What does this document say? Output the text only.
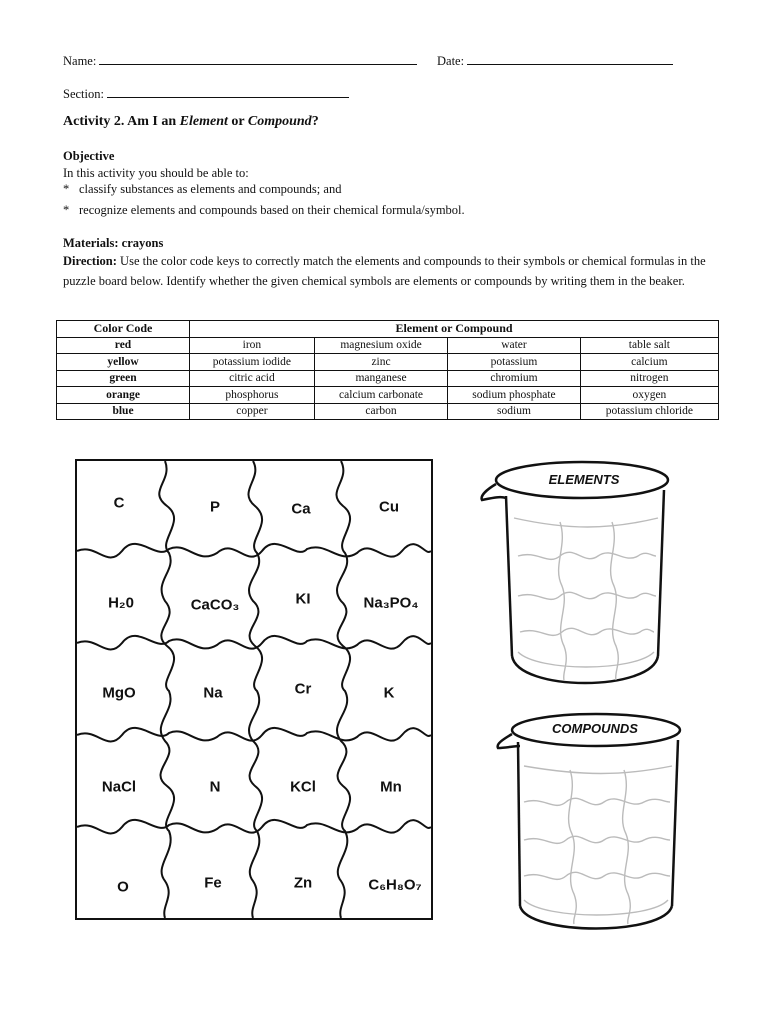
Name:	Date:
Section:
Activity 2. Am I an Element or Compound?
Objective
In this activity you should be able to:
* classify substances as elements and compounds; and
* recognize elements and compounds based on their chemical formula/symbol.
Materials: crayons
Direction: Use the color code keys to correctly match the elements and compounds to their symbols or chemical formulas in the puzzle board below. Identify whether the given chemical symbols are elements or compounds by writing them in the beaker.
Color Code	Element or Compound			
red	iron	magnesium oxide	water	table salt
yellow	potassium iodide	zinc	potassium	calcium
green	citric acid	manganese	chromium	nitrogen
orange	phosphorus	calcium carbonate	sodium phosphate	oxygen
blue	copper	carbon	sodium	potassium chloride
C	P	Ca	Cu
H₂0	CaCO₃	KI	Na₃PO₄
MgO	Na	Cr	K
NaCl	N	KCl	Mn
O	Fe	Zn	C₆H₈O₇
ELEMENTS
COMPOUNDS
